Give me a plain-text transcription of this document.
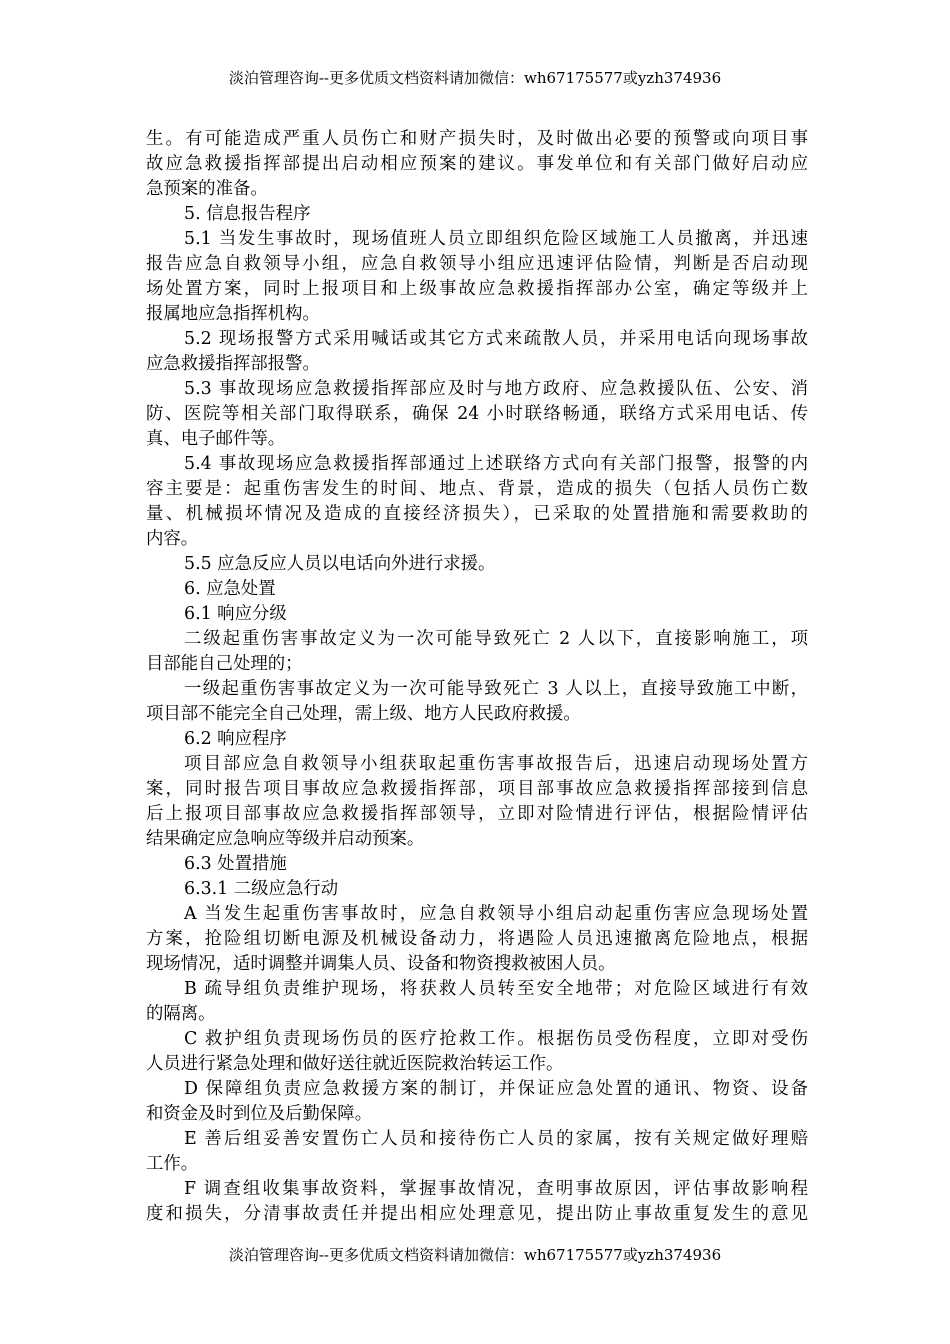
淡泊管理咨询--更多优质文档资料请加微信：wh67175577或yzh374936
生。有可能造成严重人员伤亡和财产损失时，及时做出必要的预警或向项目事
故应急救援指挥部提出启动相应预案的建议。事发单位和有关部门做好启动应
急预案的准备。
5. 信息报告程序
5.1 当发生事故时，现场值班人员立即组织危险区域施工人员撤离，并迅速
报告应急自救领导小组，应急自救领导小组应迅速评估险情，判断是否启动现
场处置方案，同时上报项目和上级事故应急救援指挥部办公室，确定等级并上
报属地应急指挥机构。
5.2 现场报警方式采用喊话或其它方式来疏散人员，并采用电话向现场事故
应急救援指挥部报警。
5.3 事故现场应急救援指挥部应及时与地方政府、应急救援队伍、公安、消
防、医院等相关部门取得联系，确保 24 小时联络畅通，联络方式采用电话、传
真、电子邮件等。
5.4 事故现场应急救援指挥部通过上述联络方式向有关部门报警，报警的内
容主要是：起重伤害发生的时间、地点、背景，造成的损失（包括人员伤亡数
量、机械损坏情况及造成的直接经济损失），已采取的处置措施和需要救助的
内容。
5.5 应急反应人员以电话向外进行求援。
6. 应急处置
6.1 响应分级
二级起重伤害事故定义为一次可能导致死亡 2 人以下，直接影响施工，项
目部能自己处理的；
一级起重伤害事故定义为一次可能导致死亡 3 人以上，直接导致施工中断，
项目部不能完全自己处理，需上级、地方人民政府救援。
6.2 响应程序
项目部应急自救领导小组获取起重伤害事故报告后，迅速启动现场处置方
案，同时报告项目事故应急救援指挥部，项目部事故应急救援指挥部接到信息
后上报项目部事故应急救援指挥部领导，立即对险情进行评估，根据险情评估
结果确定应急响应等级并启动预案。
6.3 处置措施
6.3.1 二级应急行动
A 当发生起重伤害事故时，应急自救领导小组启动起重伤害应急现场处置
方案，抢险组切断电源及机械设备动力，将遇险人员迅速撤离危险地点，根据
现场情况，适时调整并调集人员、设备和物资搜救被困人员。
B 疏导组负责维护现场，将获救人员转至安全地带；对危险区域进行有效
的隔离。
C 救护组负责现场伤员的医疗抢救工作。根据伤员受伤程度，立即对受伤
人员进行紧急处理和做好送往就近医院救治转运工作。
D 保障组负责应急救援方案的制订，并保证应急处置的通讯、物资、设备
和资金及时到位及后勤保障。
E 善后组妥善安置伤亡人员和接待伤亡人员的家属，按有关规定做好理赔
工作。
F 调查组收集事故资料，掌握事故情况，查明事故原因，评估事故影响程
度和损失，分清事故责任并提出相应处理意见，提出防止事故重复发生的意见
淡泊管理咨询--更多优质文档资料请加微信：wh67175577或yzh374936
